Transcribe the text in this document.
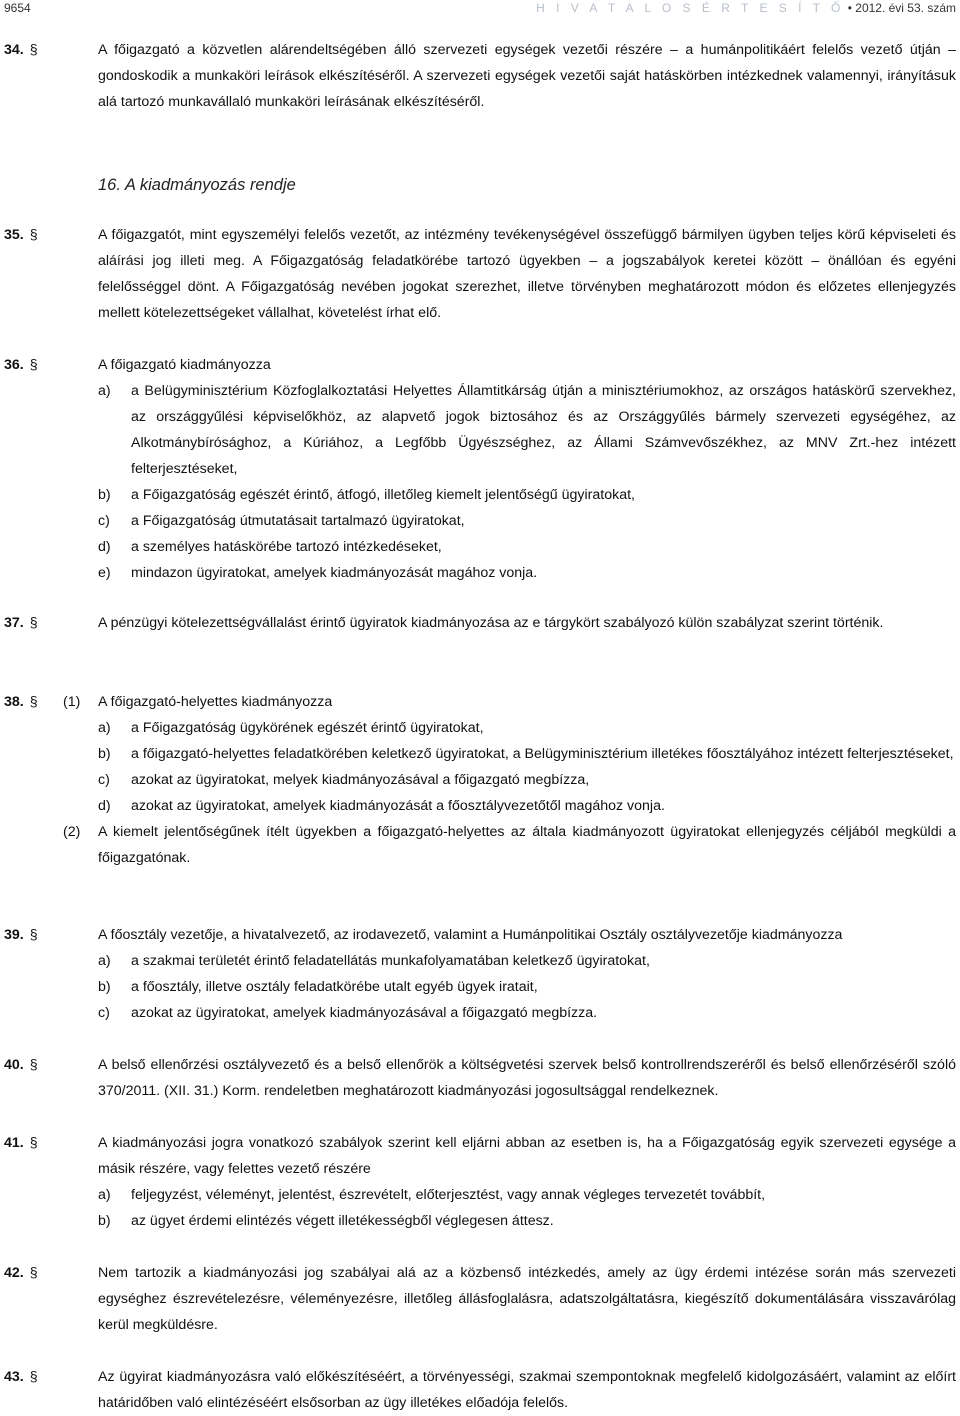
9654	H I V A T A L O S É R T E S Í T Ő • 2012. évi 53. szám
34. §	A főigazgató a közvetlen alárendeltségében álló szervezeti egységek vezetői részére – a humánpolitikáért felelős vezető útján – gondoskodik a munkaköri leírások elkészítéséről. A szervezeti egységek vezetői saját hatáskörben intézkednek valamennyi, irányításuk alá tartozó munkavállaló munkaköri leírásának elkészítéséről.
16. A kiadmányozás rendje
35. §	A főigazgatót, mint egyszemélyi felelős vezetőt, az intézmény tevékenységével összefüggő bármilyen ügyben teljes körű képviseleti és aláírási jog illeti meg. A Főigazgatóság feladatkörébe tartozó ügyekben – a jogszabályok keretei között – önállóan és egyéni felelősséggel dönt. A Főigazgatóság nevében jogokat szerezhet, illetve törvényben meghatározott módon és előzetes ellenjegyzés mellett kötelezettségeket vállalhat, követelést írhat elő.
36. §	A főigazgató kiadmányozza
a) a Belügyminisztérium Közfoglalkoztatási Helyettes Államtitkárság útján a minisztériumokhoz, az országos hatáskörű szervekhez, az országgyűlési képviselőkhöz, az alapvető jogok biztosához és az Országgyűlés bármely szervezeti egységéhez, az Alkotmánybírósághoz, a Kúriához, a Legfőbb Ügyészséghez, az Állami Számvevőszékhez, az MNV Zrt.-hez intézett felterjesztéseket,
b) a Főigazgatóság egészét érintő, átfogó, illetőleg kiemelt jelentőségű ügyiratokat,
c) a Főigazgatóság útmutatásait tartalmazó ügyiratokat,
d) a személyes hatáskörébe tartozó intézkedéseket,
e) mindazon ügyiratokat, amelyek kiadmányozását magához vonja.
37. §	A pénzügyi kötelezettségvállalást érintő ügyiratok kiadmányozása az e tárgykört szabályozó külön szabályzat szerint történik.
38. § (1) A főigazgató-helyettes kiadmányozza
a) a Főigazgatóság ügykörének egészét érintő ügyiratokat,
b) a főigazgató-helyettes feladatkörében keletkező ügyiratokat, a Belügyminisztérium illetékes főosztályához intézett felterjesztéseket,
c) azokat az ügyiratokat, melyek kiadmányozásával a főigazgató megbízza,
d) azokat az ügyiratokat, amelyek kiadmányozását a főosztályvezetőtől magához vonja.
(2) A kiemelt jelentőségűnek ítélt ügyekben a főigazgató-helyettes az általa kiadmányozott ügyiratokat ellenjegyzés céljából megküldi a főigazgatónak.
39. §	A főosztály vezetője, a hivatalvezető, az irodavezető, valamint a Humánpolitikai Osztály osztályvezetője kiadmányozza
a) a szakmai területét érintő feladatellátás munkafolyamatában keletkező ügyiratokat,
b) a főosztály, illetve osztály feladatkörébe utalt egyéb ügyek iratait,
c) azokat az ügyiratokat, amelyek kiadmányozásával a főigazgató megbízza.
40. §	A belső ellenőrzési osztályvezető és a belső ellenőrök a költségvetési szervek belső kontrollrendszeréről és belső ellenőrzéséről szóló 370/2011. (XII. 31.) Korm. rendeletben meghatározott kiadmányozási jogosultsággal rendelkeznek.
41. §	A kiadmányozási jogra vonatkozó szabályok szerint kell eljárni abban az esetben is, ha a Főigazgatóság egyik szervezeti egysége a másik részére, vagy felettes vezető részére
a) feljegyzést, véleményt, jelentést, észrevételt, előterjesztést, vagy annak végleges tervezetét továbbít,
b) az ügyet érdemi elintézés végett illetékességből véglegesen áttesz.
42. §	Nem tartozik a kiadmányozási jog szabályai alá az a közbenső intézkedés, amely az ügy érdemi intézése során más szervezeti egységhez észrevételezésre, véleményezésre, illetőleg állásfoglalásra, adatszolgáltatásra, kiegészítő dokumentálására visszavárólag kerül megküldésre.
43. §	Az ügyirat kiadmányozásra való előkészítéséért, a törvényességi, szakmai szempontoknak megfelelő kidolgozásáért, valamint az előírt határidőben való elintézéséért elsősorban az ügy illetékes előadója felelős.
